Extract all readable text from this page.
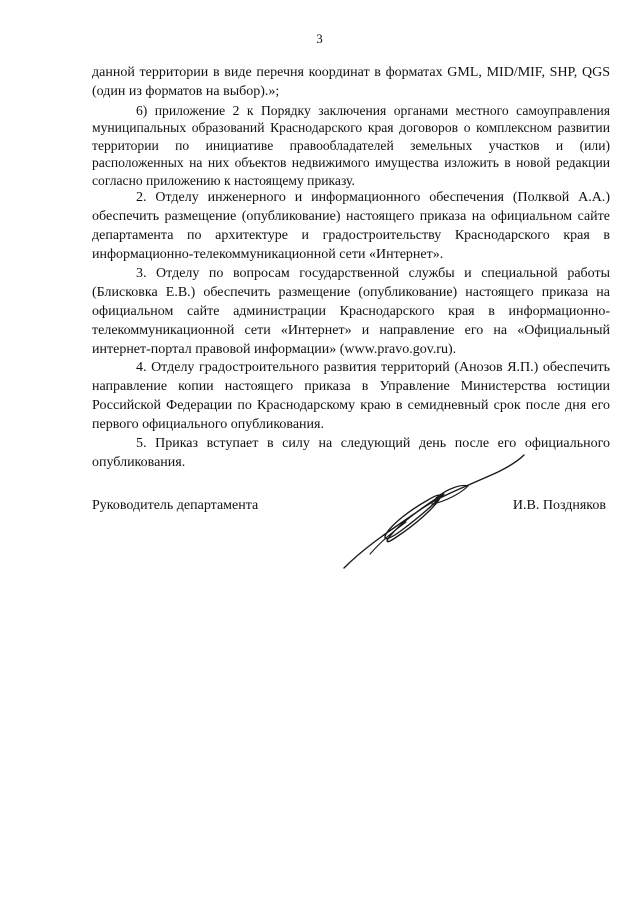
3

данной территории в виде перечня координат в форматах GML, MID/MIF, SHP, QGS (один из форматов на выбор).»;

6) приложение 2 к Порядку заключения органами местного самоуправления муниципальных образований Краснодарского края договоров о комплексном развитии территории по инициативе правообладателей земельных участков и (или) расположенных на них объектов недвижимого имущества изложить в новой редакции согласно приложению к настоящему приказу.

2. Отделу инженерного и информационного обеспечения (Полквой А.А.) обеспечить размещение (опубликование) настоящего приказа на официальном сайте департамента по архитектуре и градостроительству Краснодарского края в информационно-телекоммуникационной сети «Интернет».

3. Отделу по вопросам государственной службы и специальной работы (Блисковка Е.В.) обеспечить размещение (опубликование) настоящего приказа на официальном сайте администрации Краснодарского края в информационно-телекоммуникационной сети «Интернет» и направление его на «Официальный интернет-портал правовой информации» (www.pravo.gov.ru).

4. Отделу градостроительного развития территорий (Анозов Я.П.) обеспечить направление копии настоящего приказа в Управление Министерства юстиции Российской Федерации по Краснодарскому краю в семидневный срок после дня его первого официального опубликования.

5. Приказ вступает в силу на следующий день после его официального опубликования.

Руководитель департамента	И.В. Поздняков
